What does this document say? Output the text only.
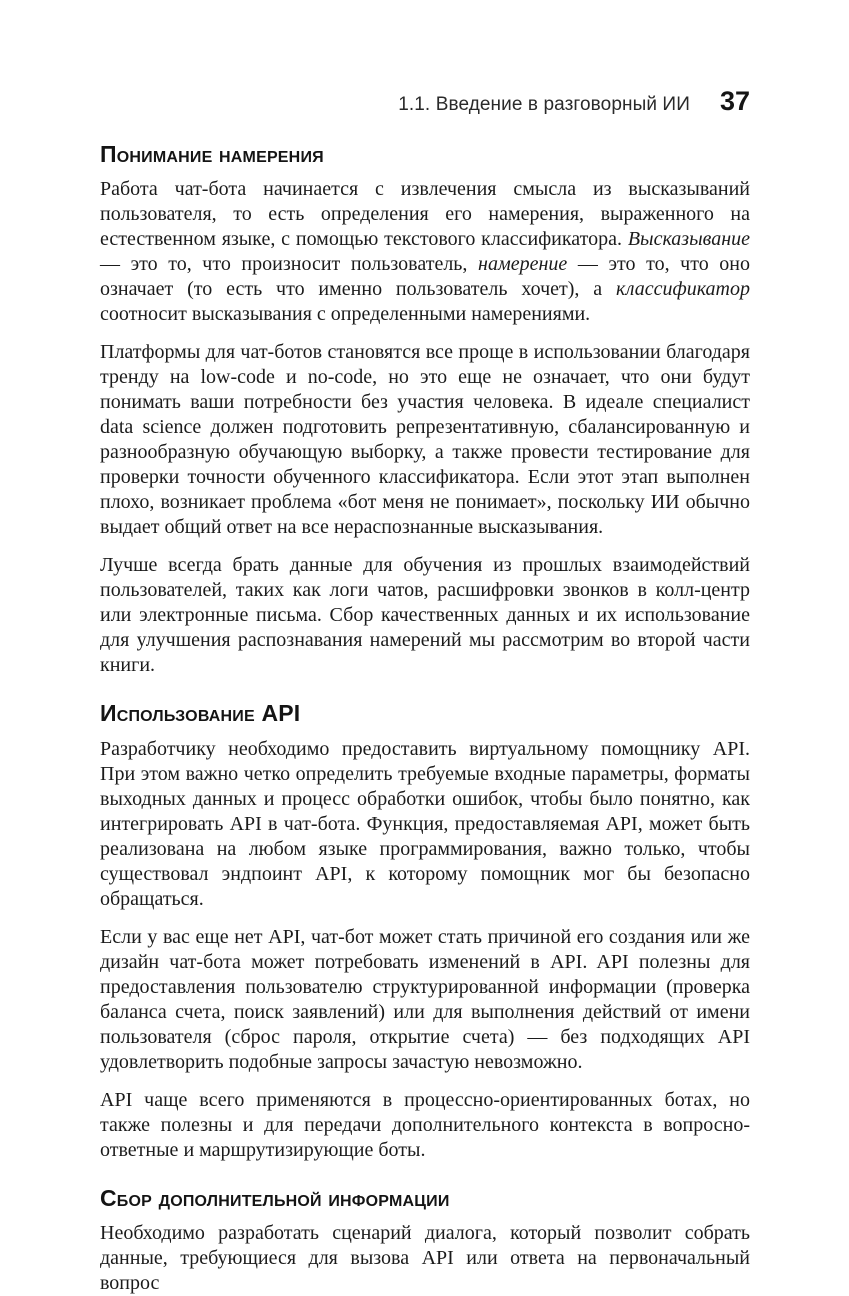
1.1. Введение в разговорный ИИ 37
Понимание намерения

Работа чат-бота начинается с извлечения смысла из высказываний пользователя, то есть определения его намерения, выраженного на естественном языке, с помощью текстового классификатора. Высказывание — это то, что произносит пользователь, намерение — это то, что оно означает (то есть что именно пользователь хочет), а классификатор соотносит высказывания с определенными намерениями.

Платформы для чат-ботов становятся все проще в использовании благодаря тренду на low-code и no-code, но это еще не означает, что они будут понимать ваши потребности без участия человека. В идеале специалист data science должен подготовить репрезентативную, сбалансированную и разнообразную обучающую выборку, а также провести тестирование для проверки точности обученного классификатора. Если этот этап выполнен плохо, возникает проблема «бот меня не понимает», поскольку ИИ обычно выдает общий ответ на все нераспознанные высказывания.

Лучше всегда брать данные для обучения из прошлых взаимодействий пользователей, таких как логи чатов, расшифровки звонков в колл-центр или электронные письма. Сбор качественных данных и их использование для улучшения распознавания намерений мы рассмотрим во второй части книги.

Использование API

Разработчику необходимо предоставить виртуальному помощнику API. При этом важно четко определить требуемые входные параметры, форматы выходных данных и процесс обработки ошибок, чтобы было понятно, как интегрировать API в чат-бота. Функция, предоставляемая API, может быть реализована на любом языке программирования, важно только, чтобы существовал эндпоинт API, к которому помощник мог бы безопасно обращаться.

Если у вас еще нет API, чат-бот может стать причиной его создания или же дизайн чат-бота может потребовать изменений в API. API полезны для предоставления пользователю структурированной информации (проверка баланса счета, поиск заявлений) или для выполнения действий от имени пользователя (сброс пароля, открытие счета) — без подходящих API удовлетворить подобные запросы зачастую невозможно.

API чаще всего применяются в процессно-ориентированных ботах, но также полезны и для передачи дополнительного контекста в вопросно-ответные и маршрутизирующие боты.

Сбор дополнительной информации

Необходимо разработать сценарий диалога, который позволит собрать данные, требующиеся для вызова API или ответа на первоначальный вопрос
